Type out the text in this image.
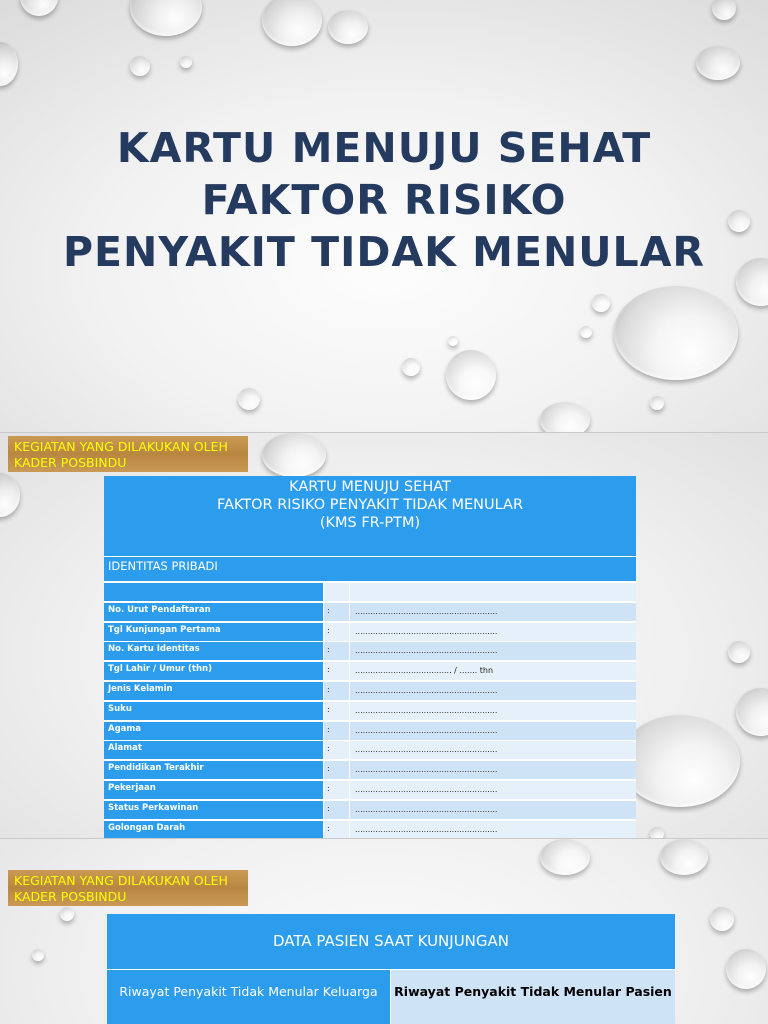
KARTU MENUJU SEHAT
FAKTOR RISIKO
PENYAKIT TIDAK MENULAR
KEGIATAN YANG DILAKUKAN OLEH KADER POSBINDU
KARTU MENUJU SEHAT
FAKTOR RISIKO PENYAKIT TIDAK MENULAR
(KMS FR-PTM)
IDENTITAS PRIBADI
No. Urut Pendaftaran	:	........................................................
Tgl Kunjungan Pertama	:	........................................................
No. Kartu Identitas	:	........................................................
Tgl Lahir / Umur (thn)	:	...................................... / ....... thn
Jenis Kelamin	:	........................................................
Suku	:	........................................................
Agama	:	........................................................
Alamat	:	........................................................
Pendidikan Terakhir	:	........................................................
Pekerjaan	:	........................................................
Status Perkawinan	:	........................................................
Golongan Darah	:	........................................................
KEGIATAN YANG DILAKUKAN OLEH KADER POSBINDU
DATA PASIEN SAAT KUNJUNGAN
Riwayat Penyakit Tidak Menular Keluarga	Riwayat Penyakit Tidak Menular Pasien
